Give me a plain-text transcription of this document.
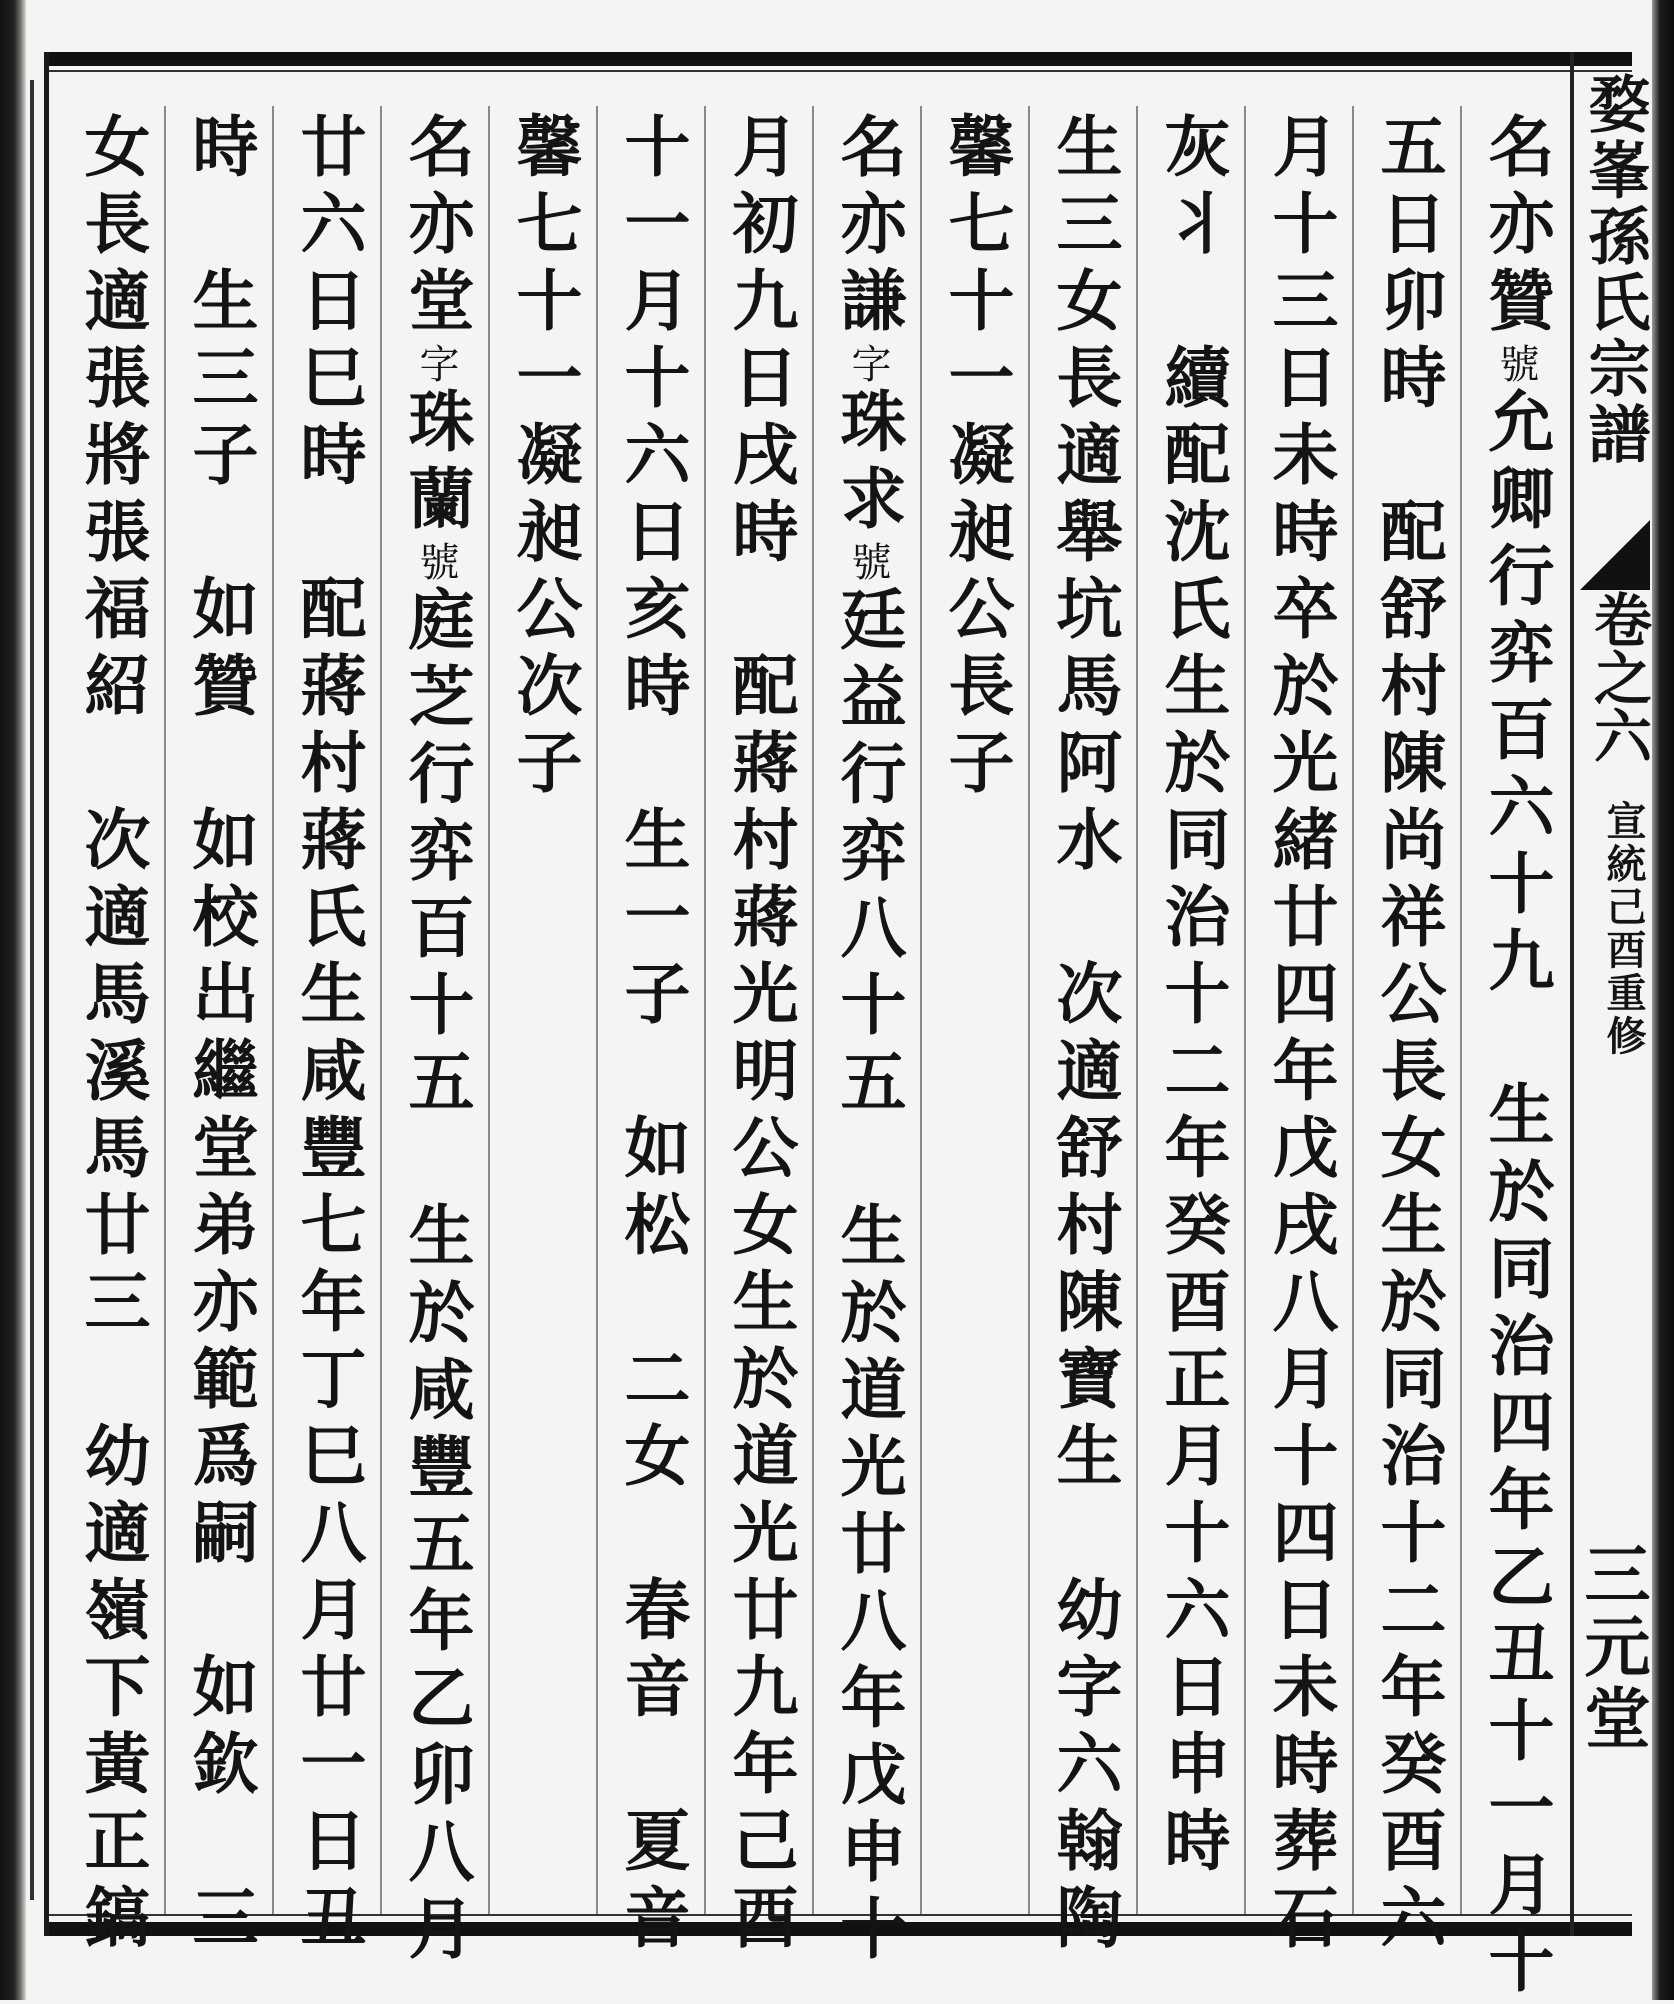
婺峯孫氏宗譜
卷之六
宣統己酉重修
三元堂
名亦贊號允卿行弈百六十九　生於同治四年乙丑十一月十
五日卯時　配舒村陳尚祥公長女生於同治十二年癸酉六
月十三日未時卒於光緒廿四年戊戌八月十四日未時葬石
灰丬　續配沈氏生於同治十二年癸酉正月十六日申時
生三女長適舉坑馬阿水　次適舒村陳寶生　幼字六翰陶
馨七十一凝昶公長子
名亦謙字珠求號廷益行弈八十五　生於道光廿八年戊申十
月初九日戌時　配蔣村蔣光明公女生於道光廿九年己酉
十一月十六日亥時　生一子　如松　二女　春音　夏音
馨七十一凝昶公次子
名亦堂字珠蘭號庭芝行弈百十五　生於咸豐五年乙卯八月
廿六日巳時　配蔣村蔣氏生咸豐七年丁巳八月廿一日丑
時　生三子　如贊　如校出繼堂弟亦範爲嗣　如欽　三
女長適張將張福紹　次適馬溪馬廿三　幼適嶺下黃正鎬
